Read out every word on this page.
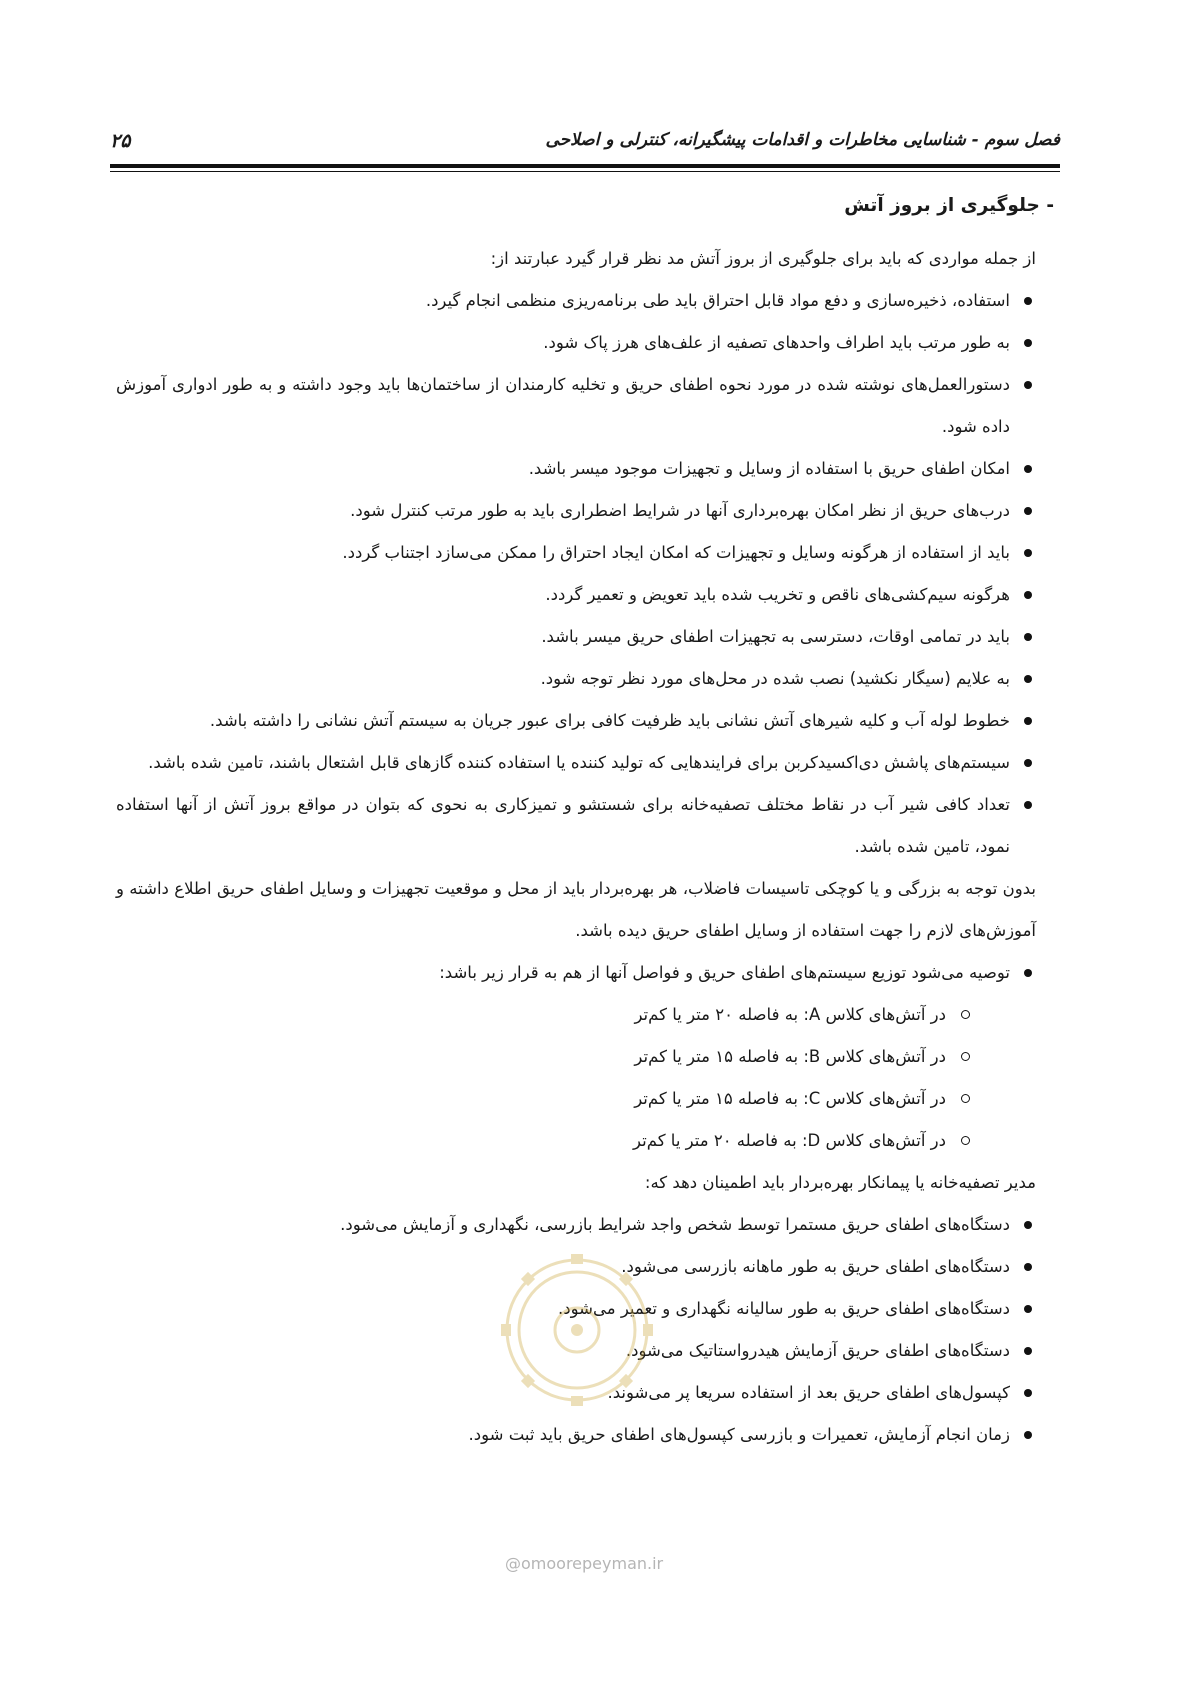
فصل سوم - شناسایی مخاطرات و اقدامات پیشگیرانه، کنترلی و اصلاحی
۲۵
- جلوگیری از بروز آتش

از جمله مواردی که باید برای جلوگیری از بروز آتش مد نظر قرار گیرد عبارتند از:

استفاده، ذخیره‌سازی و دفع مواد قابل احتراق باید طی برنامه‌ریزی منظمی انجام گیرد.
به طور مرتب باید اطراف واحدهای تصفیه از علف‌های هرز پاک شود.
دستورالعمل‌های نوشته شده در مورد نحوه اطفای حریق و تخلیه کارمندان از ساختمان‌ها باید وجود داشته و به طور ادواری آموزش داده شود.
امکان اطفای حریق با استفاده از وسایل و تجهیزات موجود میسر باشد.
درب‌های حریق از نظر امکان بهره‌برداری آنها در شرایط اضطراری باید به طور مرتب کنترل شود.
باید از استفاده از هرگونه وسایل و تجهیزات که امکان ایجاد احتراق را ممکن می‌سازد اجتناب گردد.
هرگونه سیم‌کشی‌های ناقص و تخریب شده باید تعویض و تعمیر گردد.
باید در تمامی اوقات، دسترسی به تجهیزات اطفای حریق میسر باشد.
به علایم (سیگار نکشید) نصب شده در محل‌های مورد نظر توجه شود.
خطوط لوله آب و کلیه شیرهای آتش نشانی باید ظرفیت کافی برای عبور جریان به سیستم آتش نشانی را داشته باشد.
سیستم‌های پاشش دی‌اکسیدکربن برای فرایندهایی که تولید کننده یا استفاده کننده گازهای قابل اشتعال باشند، تامین شده باشد.
تعداد کافی شیر آب در نقاط مختلف تصفیه‌خانه برای شستشو و تمیزکاری به نحوی که بتوان در مواقع بروز آتش از آنها استفاده نمود، تامین شده باشد.

بدون توجه به بزرگی و یا کوچکی تاسیسات فاضلاب، هر بهره‌بردار باید از محل و موقعیت تجهیزات و وسایل اطفای حریق اطلاع داشته و آموزش‌های لازم را جهت استفاده از وسایل اطفای حریق دیده باشد.

توصیه می‌شود توزیع سیستم‌های اطفای حریق و فواصل آنها از هم به قرار زیر باشد:
در آتش‌های کلاس A: به فاصله ۲۰ متر یا کم‌تر
در آتش‌های کلاس B: به فاصله ۱۵ متر یا کم‌تر
در آتش‌های کلاس C: به فاصله ۱۵ متر یا کم‌تر
در آتش‌های کلاس D: به فاصله ۲۰ متر یا کم‌تر

مدیر تصفیه‌خانه یا پیمانکار بهره‌بردار باید اطمینان دهد که:

دستگاه‌های اطفای حریق مستمرا توسط شخص واجد شرایط بازرسی، نگهداری و آزمایش می‌شود.
دستگاه‌های اطفای حریق به طور ماهانه بازرسی می‌شود.
دستگاه‌های اطفای حریق به طور سالیانه نگهداری و تعمیر می‌شود.
دستگاه‌های اطفای حریق آزمایش هیدرواستاتیک می‌شود.
کپسول‌های اطفای حریق بعد از استفاده سریعا پر می‌شوند.
زمان انجام آزمایش، تعمیرات و بازرسی کپسول‌های اطفای حریق باید ثبت شود.
@omoorepeyman.ir
